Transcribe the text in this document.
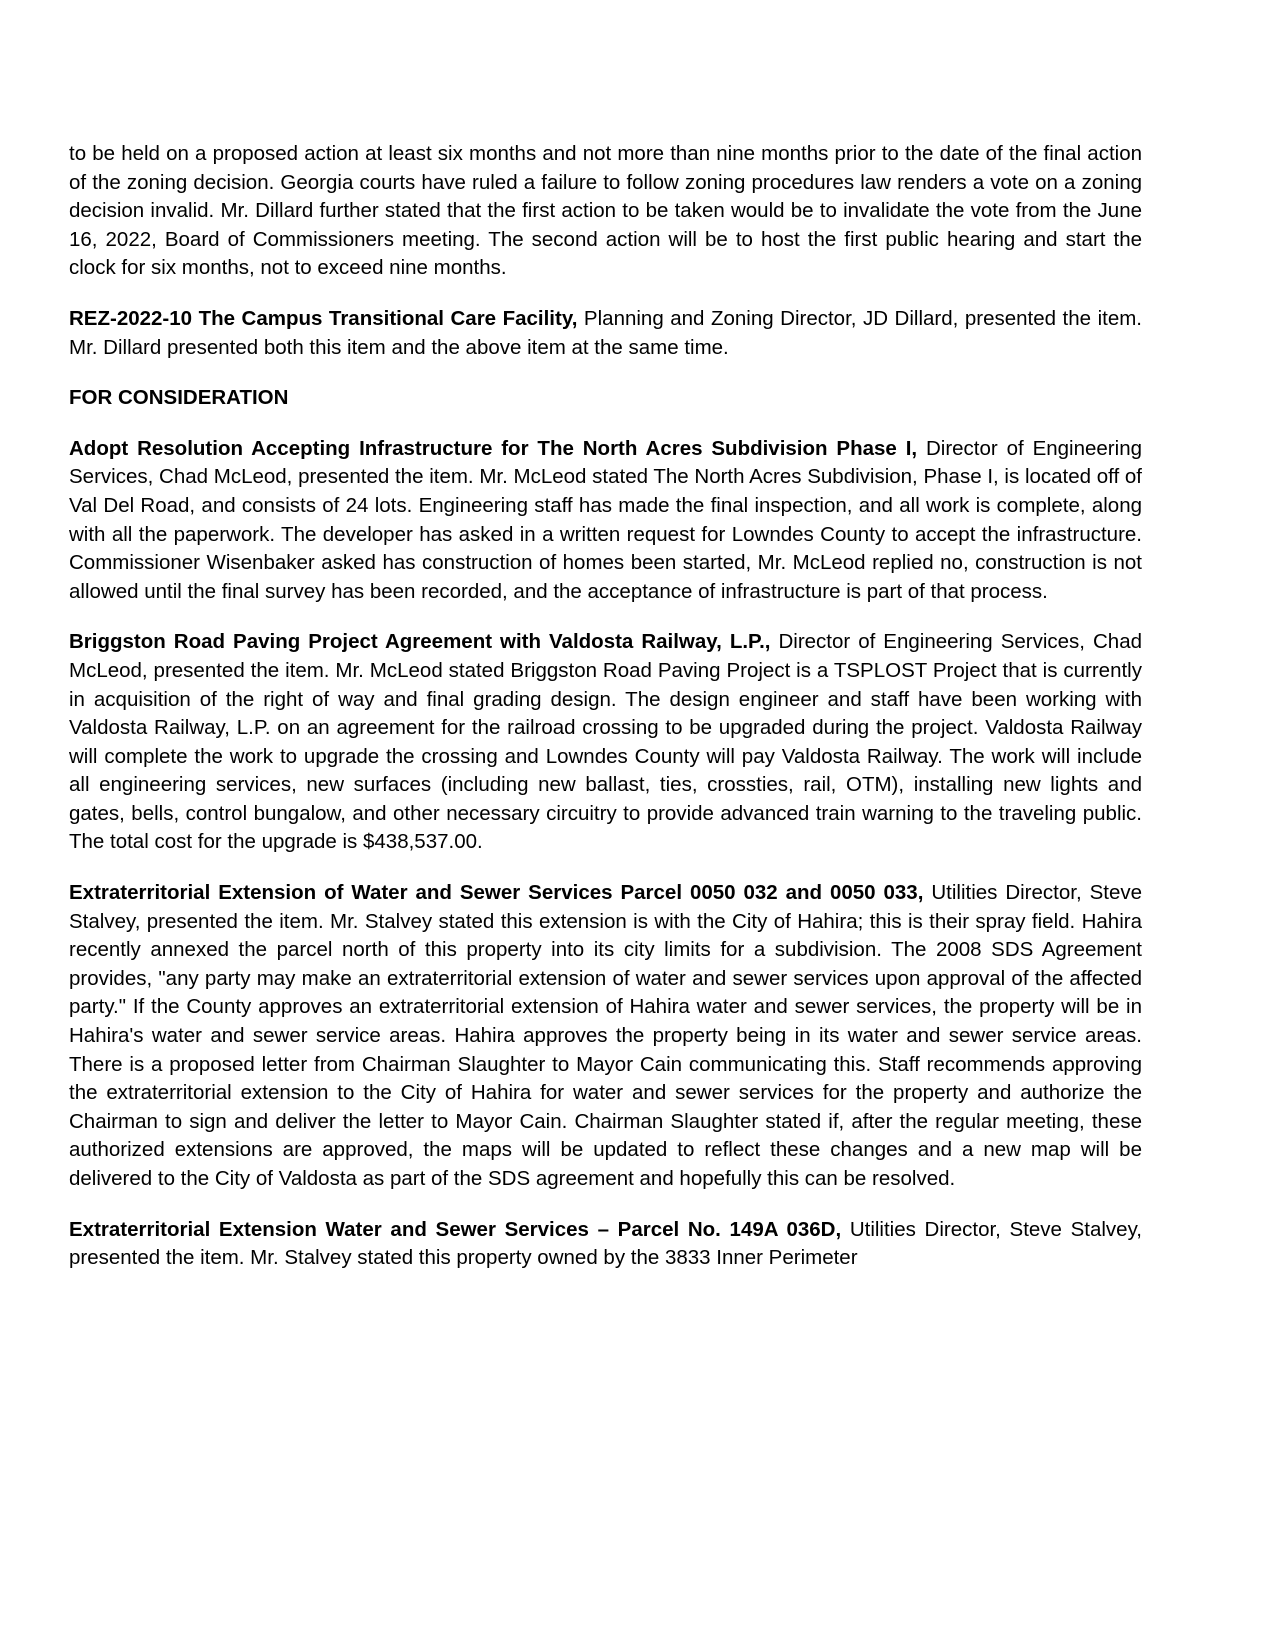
to be held on a proposed action at least six months and not more than nine months prior to the date of the final action of the zoning decision. Georgia courts have ruled a failure to follow zoning procedures law renders a vote on a zoning decision invalid. Mr. Dillard further stated that the first action to be taken would be to invalidate the vote from the June 16, 2022, Board of Commissioners meeting. The second action will be to host the first public hearing and start the clock for six months, not to exceed nine months.

REZ-2022-10 The Campus Transitional Care Facility, Planning and Zoning Director, JD Dillard, presented the item. Mr. Dillard presented both this item and the above item at the same time.

FOR CONSIDERATION

Adopt Resolution Accepting Infrastructure for The North Acres Subdivision Phase I, Director of Engineering Services, Chad McLeod, presented the item. Mr. McLeod stated The North Acres Subdivision, Phase I, is located off of Val Del Road, and consists of 24 lots. Engineering staff has made the final inspection, and all work is complete, along with all the paperwork. The developer has asked in a written request for Lowndes County to accept the infrastructure. Commissioner Wisenbaker asked has construction of homes been started, Mr. McLeod replied no, construction is not allowed until the final survey has been recorded, and the acceptance of infrastructure is part of that process.

Briggston Road Paving Project Agreement with Valdosta Railway, L.P., Director of Engineering Services, Chad McLeod, presented the item. Mr. McLeod stated Briggston Road Paving Project is a TSPLOST Project that is currently in acquisition of the right of way and final grading design. The design engineer and staff have been working with Valdosta Railway, L.P. on an agreement for the railroad crossing to be upgraded during the project. Valdosta Railway will complete the work to upgrade the crossing and Lowndes County will pay Valdosta Railway. The work will include all engineering services, new surfaces (including new ballast, ties, crossties, rail, OTM), installing new lights and gates, bells, control bungalow, and other necessary circuitry to provide advanced train warning to the traveling public. The total cost for the upgrade is $438,537.00.

Extraterritorial Extension of Water and Sewer Services Parcel 0050 032 and 0050 033, Utilities Director, Steve Stalvey, presented the item. Mr. Stalvey stated this extension is with the City of Hahira; this is their spray field. Hahira recently annexed the parcel north of this property into its city limits for a subdivision. The 2008 SDS Agreement provides, "any party may make an extraterritorial extension of water and sewer services upon approval of the affected party." If the County approves an extraterritorial extension of Hahira water and sewer services, the property will be in Hahira's water and sewer service areas. Hahira approves the property being in its water and sewer service areas. There is a proposed letter from Chairman Slaughter to Mayor Cain communicating this. Staff recommends approving the extraterritorial extension to the City of Hahira for water and sewer services for the property and authorize the Chairman to sign and deliver the letter to Mayor Cain. Chairman Slaughter stated if, after the regular meeting, these authorized extensions are approved, the maps will be updated to reflect these changes and a new map will be delivered to the City of Valdosta as part of the SDS agreement and hopefully this can be resolved.

Extraterritorial Extension Water and Sewer Services – Parcel No. 149A 036D, Utilities Director, Steve Stalvey, presented the item. Mr. Stalvey stated this property owned by the 3833 Inner Perimeter
